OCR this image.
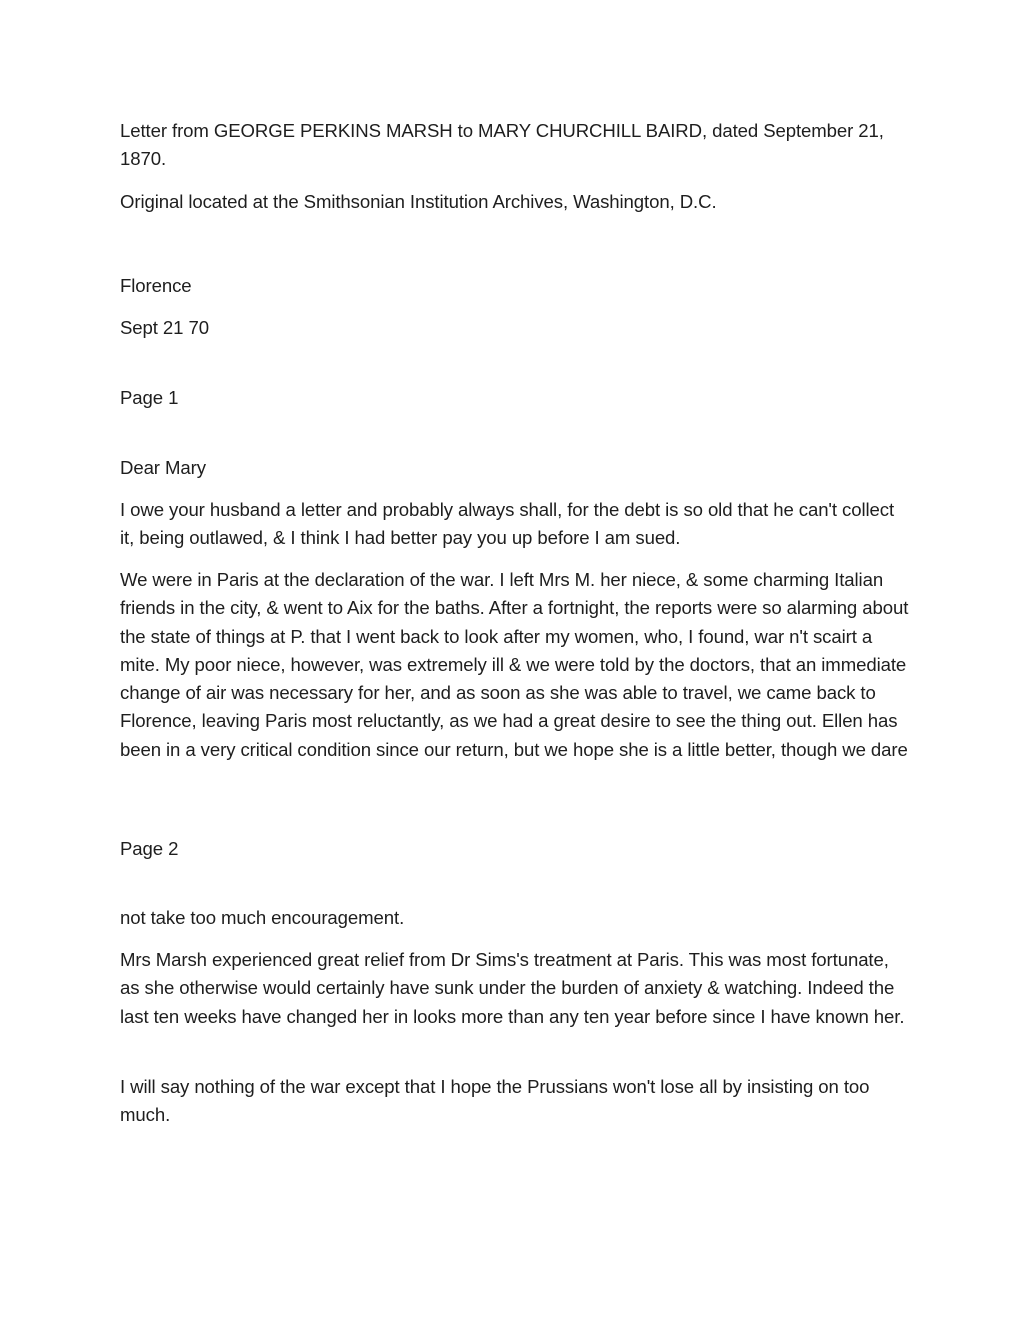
Letter from GEORGE PERKINS MARSH to MARY CHURCHILL BAIRD, dated September 21, 1870.

Original located at the Smithsonian Institution Archives, Washington, D.C.

Florence

Sept 21 70

Page 1

Dear Mary

I owe your husband a letter and probably always shall, for the debt is so old that he can't collect it, being outlawed, & I think I had better pay you up before I am sued.

We were in Paris at the declaration of the war. I left Mrs M. her niece, & some charming Italian friends in the city, & went to Aix for the baths. After a fortnight, the reports were so alarming about the state of things at P. that I went back to look after my women, who, I found, war n't scairt a mite. My poor niece, however, was extremely ill & we were told by the doctors, that an immediate change of air was necessary for her, and as soon as she was able to travel, we came back to Florence, leaving Paris most reluctantly, as we had a great desire to see the thing out. Ellen has been in a very critical condition since our return, but we hope she is a little better, though we dare

Page 2

not take too much encouragement.

Mrs Marsh experienced great relief from Dr Sims's treatment at Paris. This was most fortunate, as she otherwise would certainly have sunk under the burden of anxiety & watching. Indeed the last ten weeks have changed her in looks more than any ten year before since I have known her.

I will say nothing of the war except that I hope the Prussians won't lose all by insisting on too much.
